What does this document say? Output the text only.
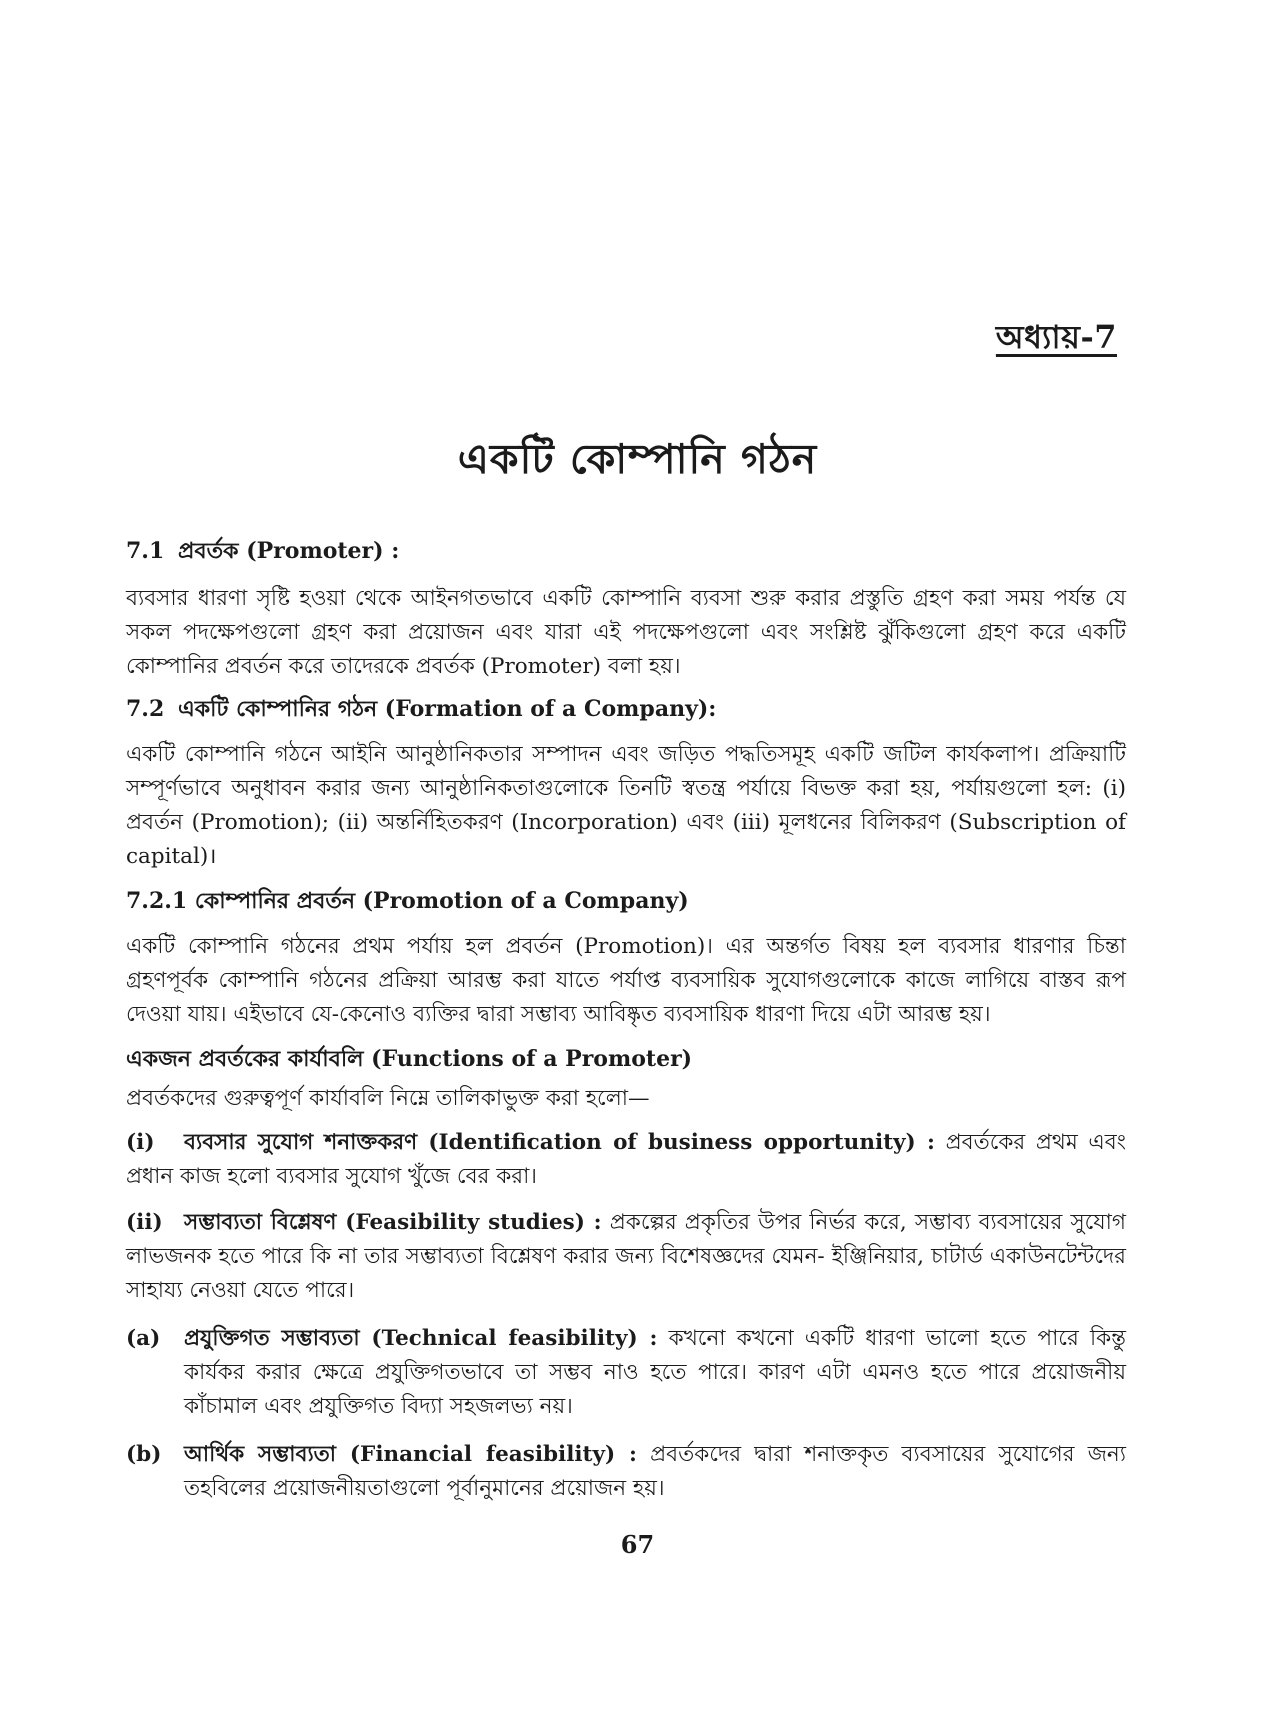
অধ্যায়-7
একটি কোম্পানি গঠন
7.1 প্রবর্তক (Promoter) :

ব্যবসার ধারণা সৃষ্টি হওয়া থেকে আইনগতভাবে একটি কোম্পানি ব্যবসা শুরু করার প্রস্তুতি গ্রহণ করা সময় পর্যন্ত যে সকল পদক্ষেপগুলো গ্রহণ করা প্রয়োজন এবং যারা এই পদক্ষেপগুলো এবং সংশ্লিষ্ট ঝুঁকিগুলো গ্রহণ করে একটি কোম্পানির প্রবর্তন করে তাদেরকে প্রবর্তক (Promoter) বলা হয়।

7.2 একটি কোম্পানির গঠন (Formation of a Company):

একটি কোম্পানি গঠনে আইনি আনুষ্ঠানিকতার সম্পাদন এবং জড়িত পদ্ধতিসমূহ একটি জটিল কার্যকলাপ। প্রক্রিয়াটি সম্পূর্ণভাবে অনুধাবন করার জন্য আনুষ্ঠানিকতাগুলোকে তিনটি স্বতন্ত্র পর্যায়ে বিভক্ত করা হয়, পর্যায়গুলো হল: (i) প্রবর্তন (Promotion); (ii) অন্তর্নিহিতকরণ (Incorporation) এবং (iii) মূলধনের বিলিকরণ (Subscription of capital)।

7.2.1 কোম্পানির প্রবর্তন (Promotion of a Company)

একটি কোম্পানি গঠনের প্রথম পর্যায় হল প্রবর্তন (Promotion)। এর অন্তর্গত বিষয় হল ব্যবসার ধারণার চিন্তা গ্রহণপূর্বক কোম্পানি গঠনের প্রক্রিয়া আরম্ভ করা যাতে পর্যাপ্ত ব্যবসায়িক সুযোগগুলোকে কাজে লাগিয়ে বাস্তব রূপ দেওয়া যায়। এইভাবে যে-কেনোও ব্যক্তির দ্বারা সম্ভাব্য আবিষ্কৃত ব্যবসায়িক ধারণা দিয়ে এটা আরম্ভ হয়।

একজন প্রবর্তকের কার্যাবলি (Functions of a Promoter)

প্রবর্তকদের গুরুত্বপূর্ণ কার্যাবলি নিম্নে তালিকাভুক্ত করা হলো—

(i) ব্যবসার সুযোগ শনাক্তকরণ (Identification of business opportunity) : প্রবর্তকের প্রথম এবং প্রধান কাজ হলো ব্যবসার সুযোগ খুঁজে বের করা।

(ii) সম্ভাব্যতা বিশ্লেষণ (Feasibility studies) : প্রকল্পের প্রকৃতির উপর নির্ভর করে, সম্ভাব্য ব্যবসায়ের সুযোগ লাভজনক হতে পারে কি না তার সম্ভাব্যতা বিশ্লেষণ করার জন্য বিশেষজ্ঞদের যেমন- ইঞ্জিনিয়ার, চাটার্ড একাউনটেন্টদের সাহায্য নেওয়া যেতে পারে।

(a) প্রযুক্তিগত সম্ভাব্যতা (Technical feasibility) : কখনো কখনো একটি ধারণা ভালো হতে পারে কিন্তু কার্যকর করার ক্ষেত্রে প্রযুক্তিগতভাবে তা সম্ভব নাও হতে পারে। কারণ এটা এমনও হতে পারে প্রয়োজনীয় কাঁচামাল এবং প্রযুক্তিগত বিদ্যা সহজলভ্য নয়।
(b) আর্থিক সম্ভাব্যতা (Financial feasibility) : প্রবর্তকদের দ্বারা শনাক্তকৃত ব্যবসায়ের সুযোগের জন্য তহবিলের প্রয়োজনীয়তাগুলো পূর্বানুমানের প্রয়োজন হয়।
67
